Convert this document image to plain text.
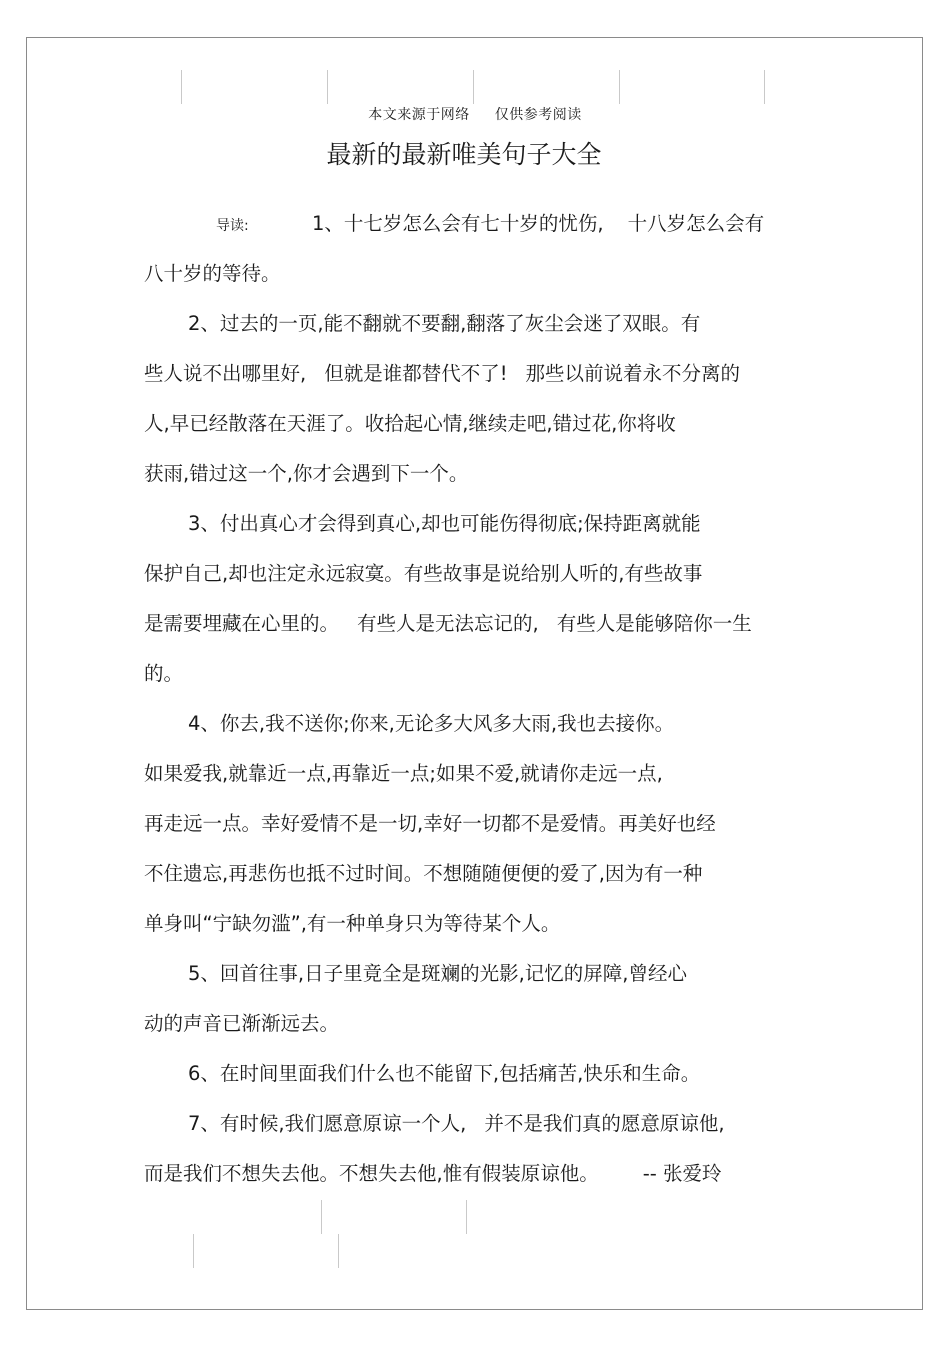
本文来源于网络 仅供参考阅读
最新的最新唯美句子大全
导读:	1、十七岁怎么会有七十岁的忧伤, 十八岁怎么会有
八十岁的等待。
2、过去的一页,能不翻就不要翻,翻落了灰尘会迷了双眼。有
些人说不出哪里好, 但就是谁都替代不了! 那些以前说着永不分离的
人,早已经散落在天涯了。收拾起心情,继续走吧,错过花,你将收
获雨,错过这一个,你才会遇到下一个。
3、付出真心才会得到真心,却也可能伤得彻底;保持距离就能
保护自己,却也注定永远寂寞。有些故事是说给别人听的,有些故事
是需要埋藏在心里的。 有些人是无法忘记的, 有些人是能够陪你一生
的。
4、你去,我不送你;你来,无论多大风多大雨,我也去接你。
如果爱我,就靠近一点,再靠近一点;如果不爱,就请你走远一点,
再走远一点。幸好爱情不是一切,幸好一切都不是爱情。再美好也经
不住遗忘,再悲伤也抵不过时间。不想随随便便的爱了,因为有一种
单身叫“宁缺勿滥”,有一种单身只为等待某个人。
5、回首往事,日子里竟全是斑斓的光影,记忆的屏障,曾经心
动的声音已渐渐远去。
6、在时间里面我们什么也不能留下,包括痛苦,快乐和生命。
7、有时候,我们愿意原谅一个人, 并不是我们真的愿意原谅他,
而是我们不想失去他。不想失去他,惟有假装原谅他。 -- 张爱玲
